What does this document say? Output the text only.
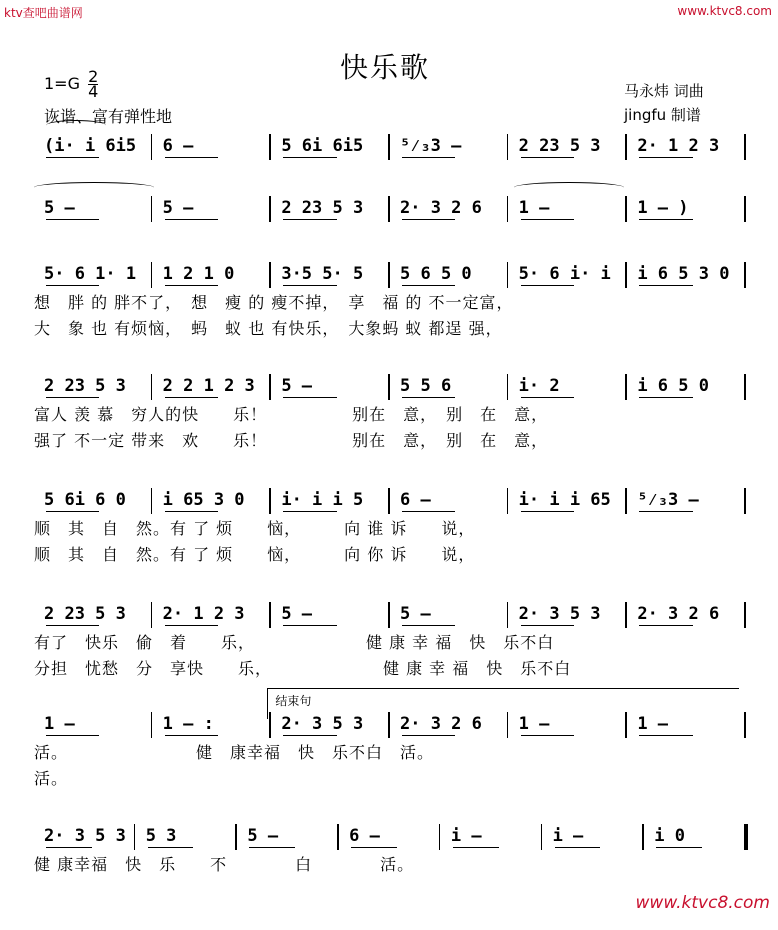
ktv查吧曲谱网	www.ktvc8.com
www.ktvc8.com
快乐歌
$1=G \frac{2}{4}$
诙谐、富有弹性地
马永炜 词曲
jingfu 制谱
(i· i 6i5	6 –	5 6i 6i5	⁵⁄₃3 –	2 23 5 3	2· 1 2 3
5 –	5 –	2 23 5 3	2· 3 2 6	1 –	1 – )
5· 6 1· 1	1 2 1 0	3·5 5· 5	5 6 5 0	5· 6 i· i	i 6 5 3 0
想　胖 的 胖不了，　想　瘦 的 瘦不掉，　享　福 的 不一定富，
大　象 也 有烦恼，　蚂　蚁 也 有快乐，　大象蚂 蚁 都逞 强，
2 23 5 3	2 2 1 2 3	5 –	5 5 6	i· 2	i 6 5 0
富人 羡 慕　穷人的快　　乐！　　　　　别在　意，　别　在　意，
强了 不一定 带来　欢　　乐！　　　　　别在　意，　别　在　意，
5 6i 6 0	i 65 3 0	i· i i 5	6 –	i· i i 65	⁵⁄₃3 –
顺　其　自　然。有 了 烦　　恼，　　　向 谁 诉　　说，
顺　其　自　然。有 了 烦　　恼，　　　向 你 诉　　说，
2 23 5 3	2· 1 2 3	5 –	5 –	2· 3 5 3	2· 3 2 6
有了　快乐　偷　着　　乐，　　　　　　　健 康 幸 福　快　乐不白
分担　忧愁　分　享快　　乐，　　　　　　　健 康 幸 福　快　乐不白
1 –	1 – :	2· 3 5 3	2· 3 2 6	1 –	1 –
结束句
活。　　　　　　　　健　康幸福　快　乐不白　活。
活。
2· 3 5 3	5 3	5 –	6 –	i –	i –	i 0
健 康幸福　快　乐　　不　　　　白　　　　活。
